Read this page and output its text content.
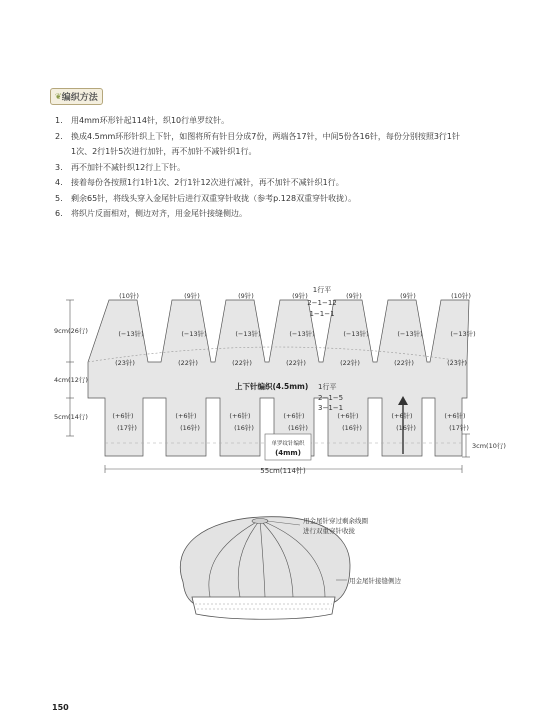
❦ 编织方法
1.	用4mm环形针起114针，织10行单罗纹针。
2.	换成4.5mm环形针织上下针，如图将所有针目分成7份，两端各17针，中间5份各16针，每份分别按照3行1针
1次、2行1针5次进行加针，再不加针不减针织1行。
3.	再不加针不减针织12行上下针。
4.	接着每份各按照1行1针1次、2行1针12次进行减针，再不加针不减针织1行。
5.	剩余65针，将线头穿入金尾针后进行双重穿针收拢（参考p.128双重穿针收拢）。
6.	将织片反面相对，侧边对齐，用金尾针接缝侧边。
(10针)
(−13针)
(23针)
(+6针)
(17针)
(9针)
(−13针)
(22针)
(+6针)
(16针)
(9针)
(−13针)
(22针)
(+6针)
(16针)
(9针)
(−13针)
(22针)
(+6针)
(16针)
(9针)
(−13针)
(22针)
(+6针)
(16针)
(9针)
(−13针)
(22针)
(+6针)
(16针)
(10针)
(−13针)
(23针)
(+6针)
(17针)
1行平
2−1−12
1−1−1
上下针编织(4.5mm) 1行平
2−1−5
3−1−1
单罗纹针编织
(4mm)
9cm(26行)
4cm(12行)
5cm(14行)
3cm(10行)
55cm(114针)
用金尾针穿过剩余线圈
进行双重穿针收拢
用金尾针接缝侧边
150
